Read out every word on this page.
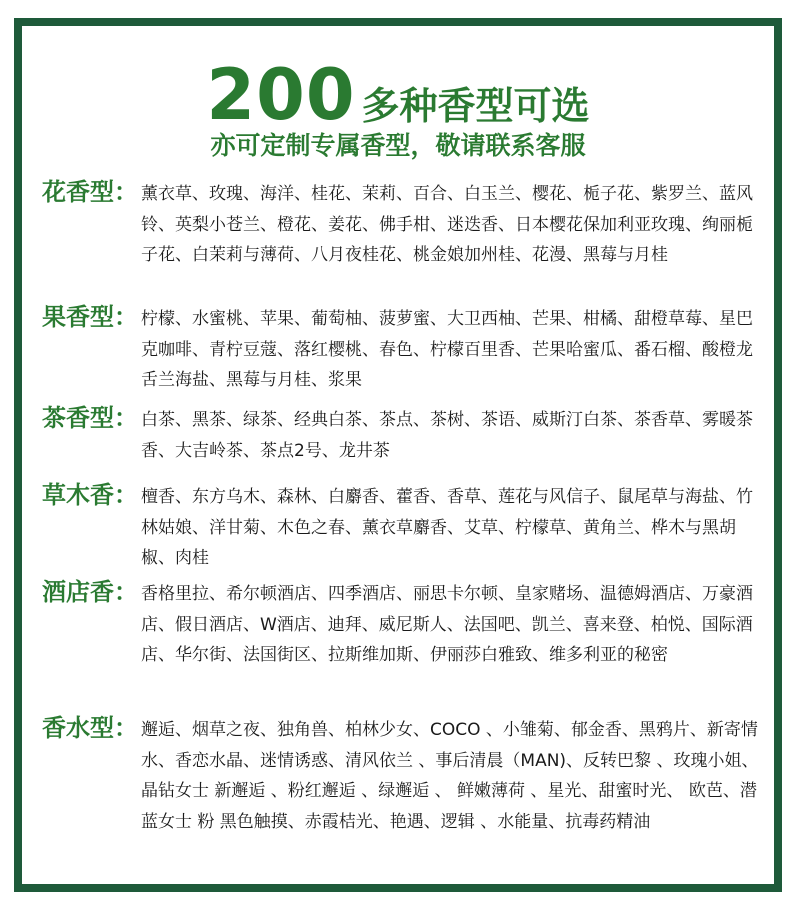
200 多种香型可选
亦可定制专属香型，敬请联系客服
花香型： 薰衣草、玫瑰、海洋、桂花、茉莉、百合、白玉兰、樱花、栀子花、紫罗兰、蓝风铃、英梨小苍兰、橙花、姜花、佛手柑、迷迭香、日本樱花保加利亚玫瑰、绚丽栀子花、白茉莉与薄荷、八月夜桂花、桃金娘加州桂、花漫、黑莓与月桂
果香型： 柠檬、水蜜桃、苹果、葡萄柚、菠萝蜜、大卫西柚、芒果、柑橘、甜橙草莓、星巴克咖啡、青柠豆蔻、落红樱桃、春色、柠檬百里香、芒果哈蜜瓜、番石榴、酸橙龙舌兰海盐、黑莓与月桂、浆果
茶香型： 白茶、黑茶、绿茶、经典白茶、茶点、茶树、茶语、威斯汀白茶、茶香草、雾暖茶香、大吉岭茶、茶点2号、龙井茶
草木香： 檀香、东方乌木、森林、白麝香、藿香、香草、莲花与风信子、鼠尾草与海盐、竹林姑娘、洋甘菊、木色之春、薰衣草麝香、艾草、柠檬草、黄角兰、桦木与黑胡椒、肉桂
酒店香： 香格里拉、希尔顿酒店、四季酒店、丽思卡尔顿、皇家赌场、温德姆酒店、万豪酒店、假日酒店、W酒店、迪拜、威尼斯人、法国吧、凯兰、喜来登、柏悦、国际酒店、华尔街、法国街区、拉斯维加斯、伊丽莎白雅致、维多利亚的秘密
香水型： 邂逅、烟草之夜、独角兽、柏林少女、COCO 、小雏菊、郁金香、黑鸦片、新寄情水、香恋水晶、迷情诱惑、清风依兰 、事后清晨（MAN)、反转巴黎 、玫瑰小姐、晶钻女士 新邂逅 、粉红邂逅 、绿邂逅 、 鲜嫩薄荷 、星光、甜蜜时光、 欧芭、潜蓝女士 粉 黑色触摸、赤霞桔光、艳遇、逻辑 、水能量、抗毒药精油
